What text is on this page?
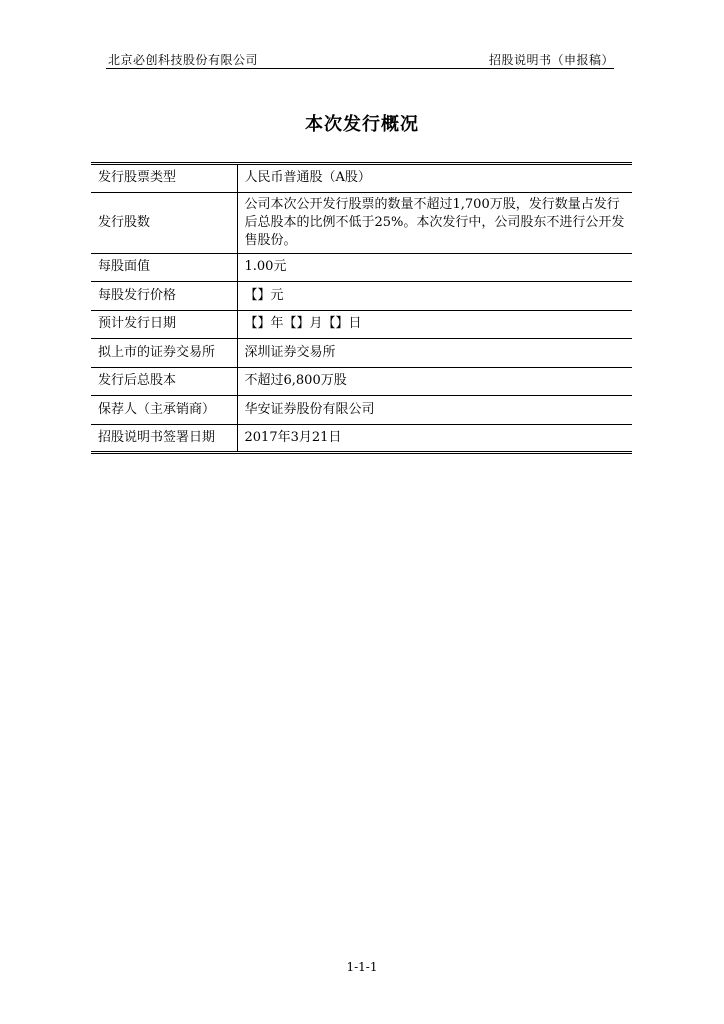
北京必创科技股份有限公司	招股说明书（申报稿）
本次发行概况
发行股票类型	人民币普通股（A股）
发行股数	公司本次公开发行股票的数量不超过1,700万股，发行数量占发行后总股本的比例不低于25%。本次发行中，公司股东不进行公开发售股份。
每股面值	1.00元
每股发行价格	【】元
预计发行日期	【】年【】月【】日
拟上市的证券交易所	深圳证券交易所
发行后总股本	不超过6,800万股
保荐人（主承销商）	华安证券股份有限公司
招股说明书签署日期	2017年3月21日
1-1-1
